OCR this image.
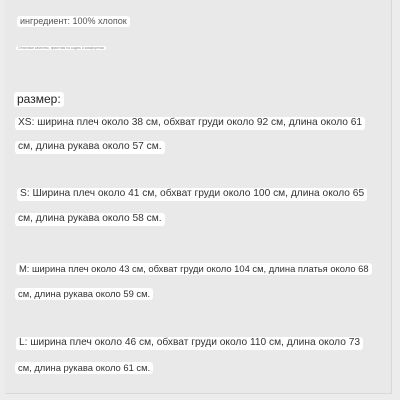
ингредиент: 100% хлопок
Отличные качество, приятная на ощупь и комфортная
размер:
XS: ширина плеч около 38 см, обхват груди около 92 см, длина около 61
см, длина рукава около 57 см.
S: Ширина плеч около 41 см, обхват груди около 100 см, длина около 65
см, длина рукава около 58 см.
M: ширина плеч около 43 см, обхват груди около 104 см, длина платья около 68
см, длина рукава около 59 см.
L: ширина плеч около 46 см, обхват груди около 110 см, длина около 73
см, длина рукава около 61 см.
